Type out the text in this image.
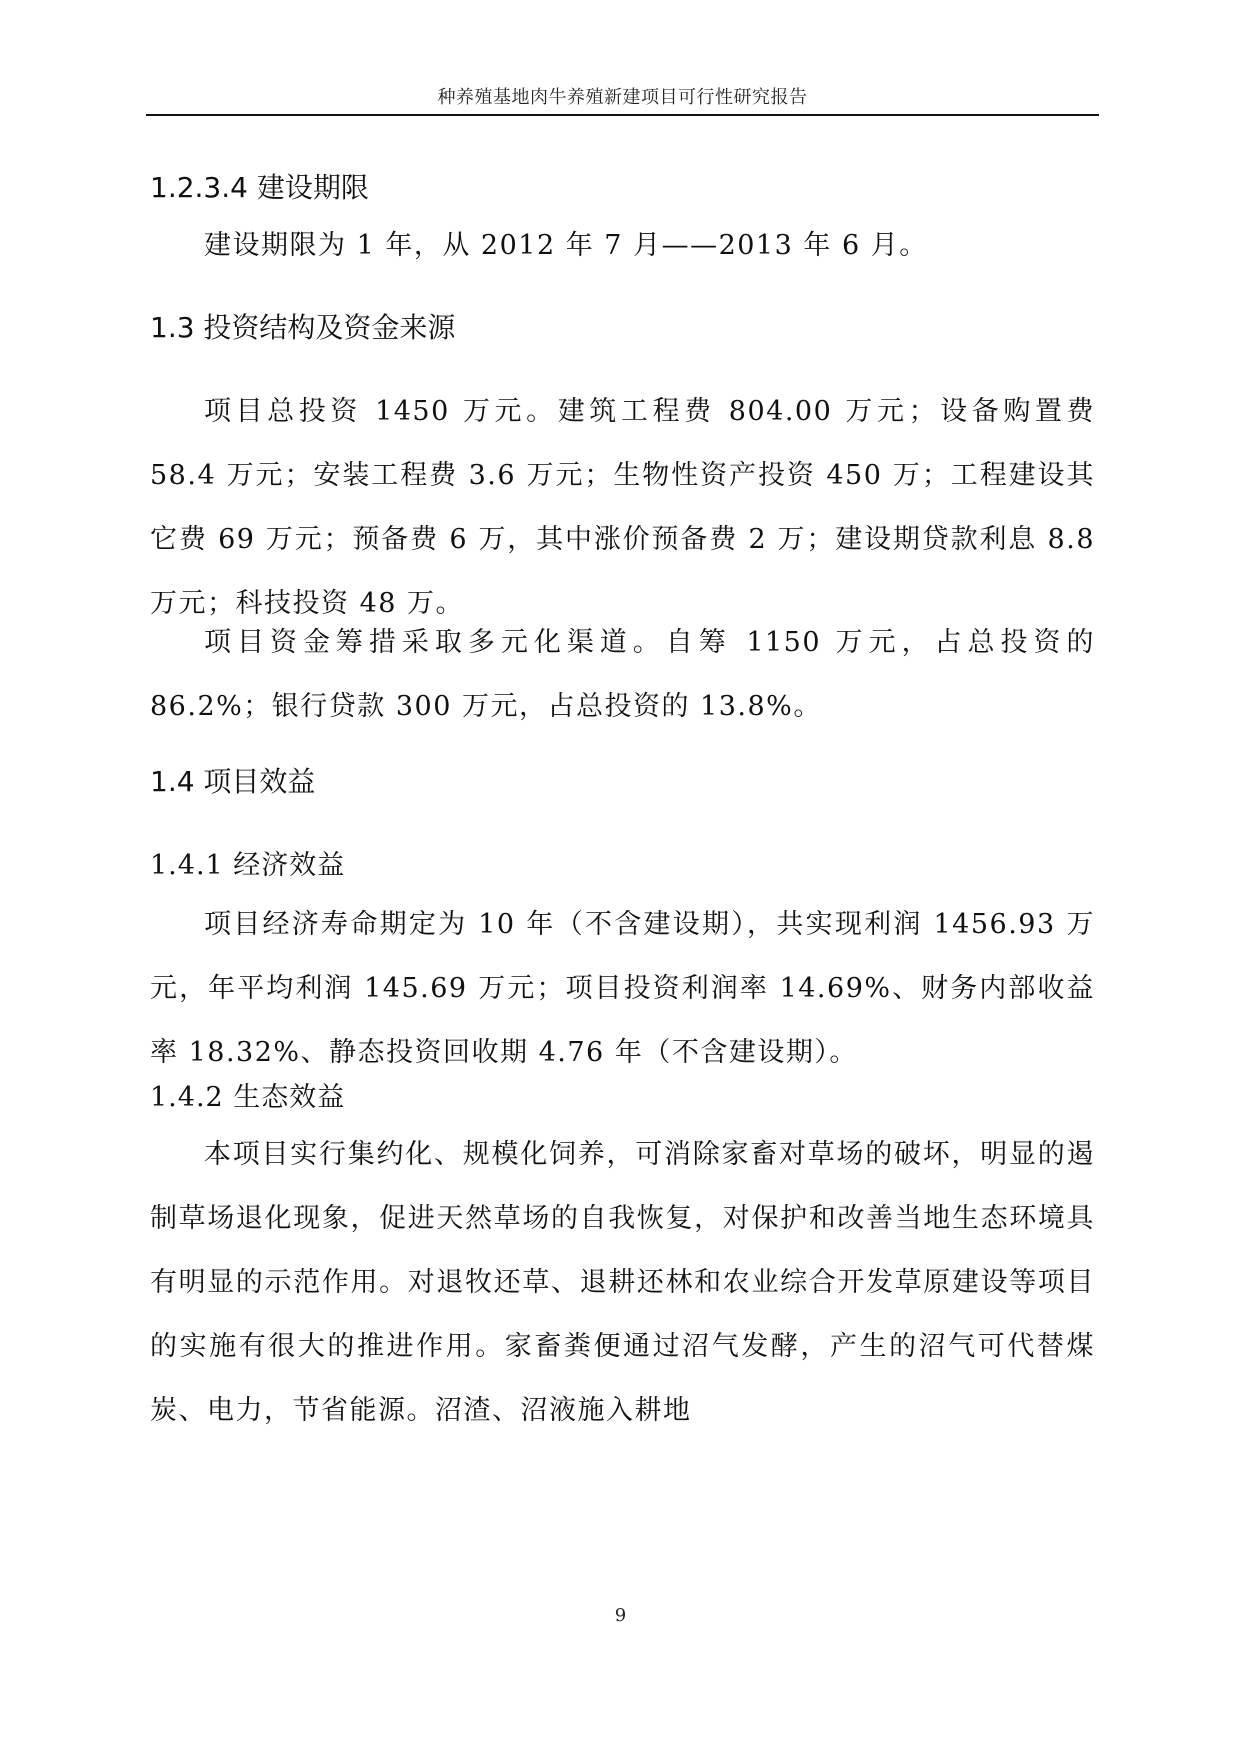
种养殖基地肉牛养殖新建项目可行性研究报告
1.2.3.4 建设期限

建设期限为 1 年，从 2012 年 7 月——2013 年 6 月。

1.3 投资结构及资金来源

项目总投资 1450 万元。建筑工程费 804.00 万元；设备购置费 58.4 万元；安装工程费 3.6 万元；生物性资产投资 450 万；工程建设其它费 69 万元；预备费 6 万，其中涨价预备费 2 万；建设期贷款利息 8.8 万元；科技投资 48 万。

项目资金筹措采取多元化渠道。自筹 1150 万元，占总投资的 86.2%；银行贷款 300 万元，占总投资的 13.8%。

1.4 项目效益
1.4.1 经济效益

项目经济寿命期定为 10 年（不含建设期），共实现利润 1456.93 万元，年平均利润 145.69 万元；项目投资利润率 14.69%、财务内部收益率 18.32%、静态投资回收期 4.76 年（不含建设期）。

1.4.2 生态效益

本项目实行集约化、规模化饲养，可消除家畜对草场的破坏，明显的遏制草场退化现象，促进天然草场的自我恢复，对保护和改善当地生态环境具有明显的示范作用。对退牧还草、退耕还林和农业综合开发草原建设等项目的实施有很大的推进作用。家畜粪便通过沼气发酵，产生的沼气可代替煤炭、电力，节省能源。沼渣、沼液施入耕地

9
